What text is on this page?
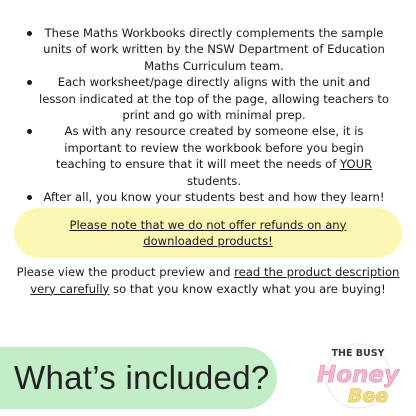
These Maths Workbooks directly complements the sample units of work written by the NSW Department of Education Maths Curriculum team.
Each worksheet/page directly aligns with the unit and lesson indicated at the top of the page, allowing teachers to print and go with minimal prep.
As with any resource created by someone else, it is important to review the workbook before you begin teaching to ensure that it will meet the needs of YOUR students.
After all, you know your students best and how they learn!
Please note that we do not offer refunds on any downloaded products!
Please view the product preview and read the product description very carefully so that you know exactly what you are buying!
What’s included?
THE BUSY
Honey
Bee
